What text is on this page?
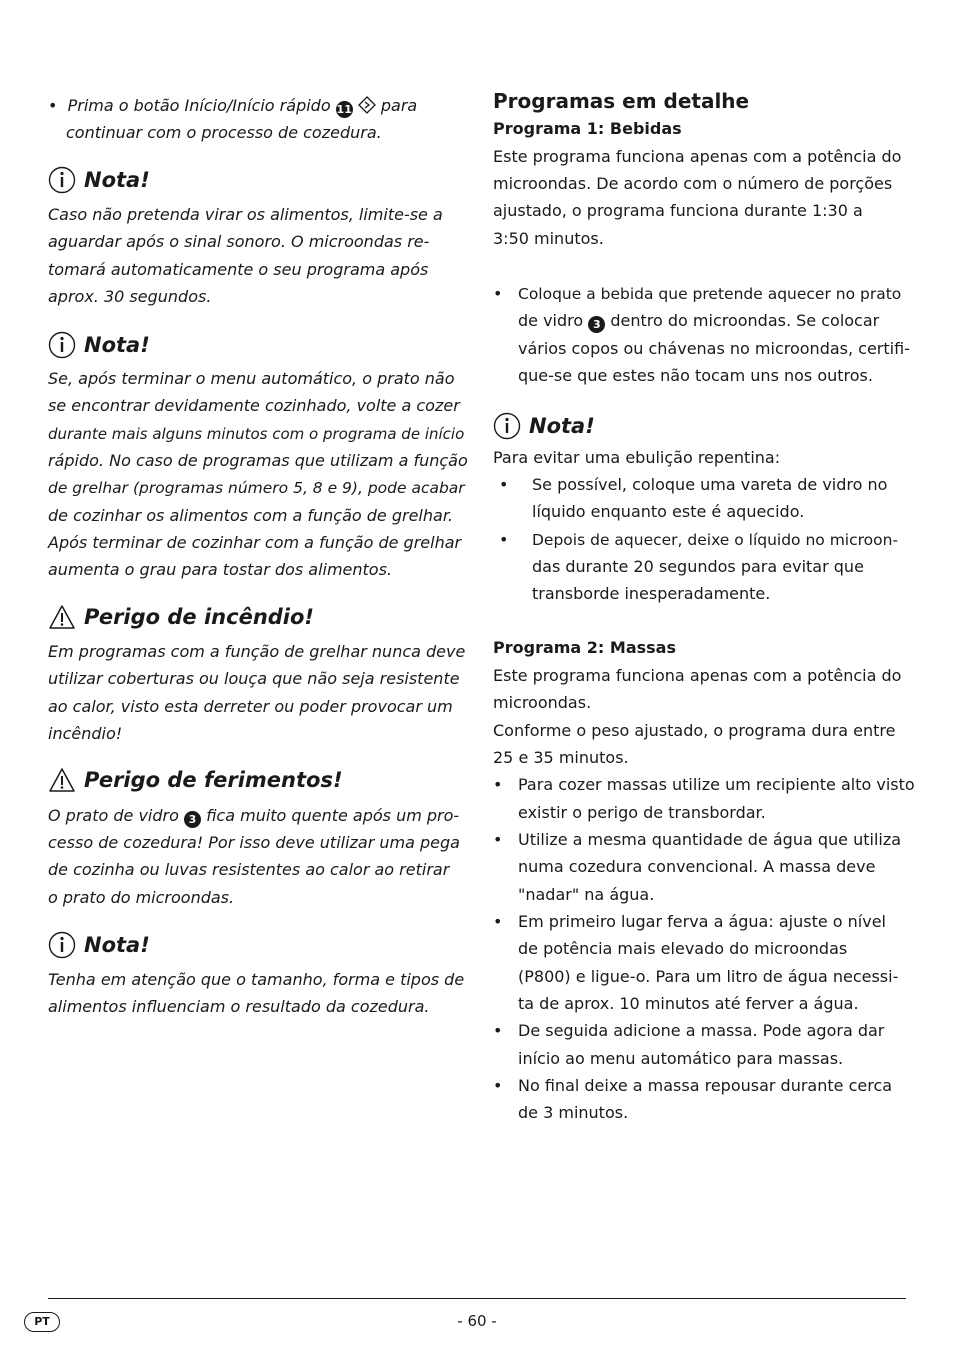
•  Prima o botão Início/Início rápido 11 para
continuar com o processo de cozedura.
Nota!
Caso não pretenda virar os alimentos, limite-se a
aguardar após o sinal sonoro. O microondas re-
tomará automaticamente o seu programa após
aprox. 30 segundos.
Nota!
Se, após terminar o menu automático, o prato não
se encontrar devidamente cozinhado, volte a cozer
durante mais alguns minutos com o programa de início
rápido. No caso de programas que utilizam a função
de grelhar (programas número 5, 8 e 9), pode acabar
de cozinhar os alimentos com a função de grelhar.
Após terminar de cozinhar com a função de grelhar
aumenta o grau para tostar dos alimentos.
Perigo de incêndio!
Em programas com a função de grelhar nunca deve
utilizar coberturas ou louça que não seja resistente
ao calor, visto esta derreter ou poder provocar um
incêndio!
Perigo de ferimentos!
O prato de vidro 3 fica muito quente após um pro-
cesso de cozedura! Por isso deve utilizar uma pega
de cozinha ou luvas resistentes ao calor ao retirar
o prato do microondas.
Nota!
Tenha em atenção que o tamanho, forma e tipos de
alimentos influenciam o resultado da cozedura.
Programas em detalhe
Programa 1: Bebidas
Este programa funciona apenas com a potência do
microondas. De acordo com o número de porções
ajustado, o programa funciona durante 1:30 a
3:50 minutos.
• Coloque a bebida que pretende aquecer no prato
de vidro 3 dentro do microondas. Se colocar
vários copos ou chávenas no microondas, certifi-
que-se que estes não tocam uns nos outros.
Nota!
Para evitar uma ebulição repentina:
• Se possível, coloque uma vareta de vidro no
líquido enquanto este é aquecido.
• Depois de aquecer, deixe o líquido no microon-
das durante 20 segundos para evitar que
transborde inesperadamente.
Programa 2: Massas
Este programa funciona apenas com a potência do
microondas.
Conforme o peso ajustado, o programa dura entre
25 e 35 minutos.
• Para cozer massas utilize um recipiente alto visto
existir o perigo de transbordar.
• Utilize a mesma quantidade de água que utiliza
numa cozedura convencional. A massa deve
"nadar" na água.
• Em primeiro lugar ferva a água: ajuste o nível
de potência mais elevado do microondas
(P800) e ligue-o. Para um litro de água necessi-
ta de aprox. 10 minutos até ferver a água.
• De seguida adicione a massa. Pode agora dar
início ao menu automático para massas.
• No final deixe a massa repousar durante cerca
de 3 minutos.
PT	- 60 -
